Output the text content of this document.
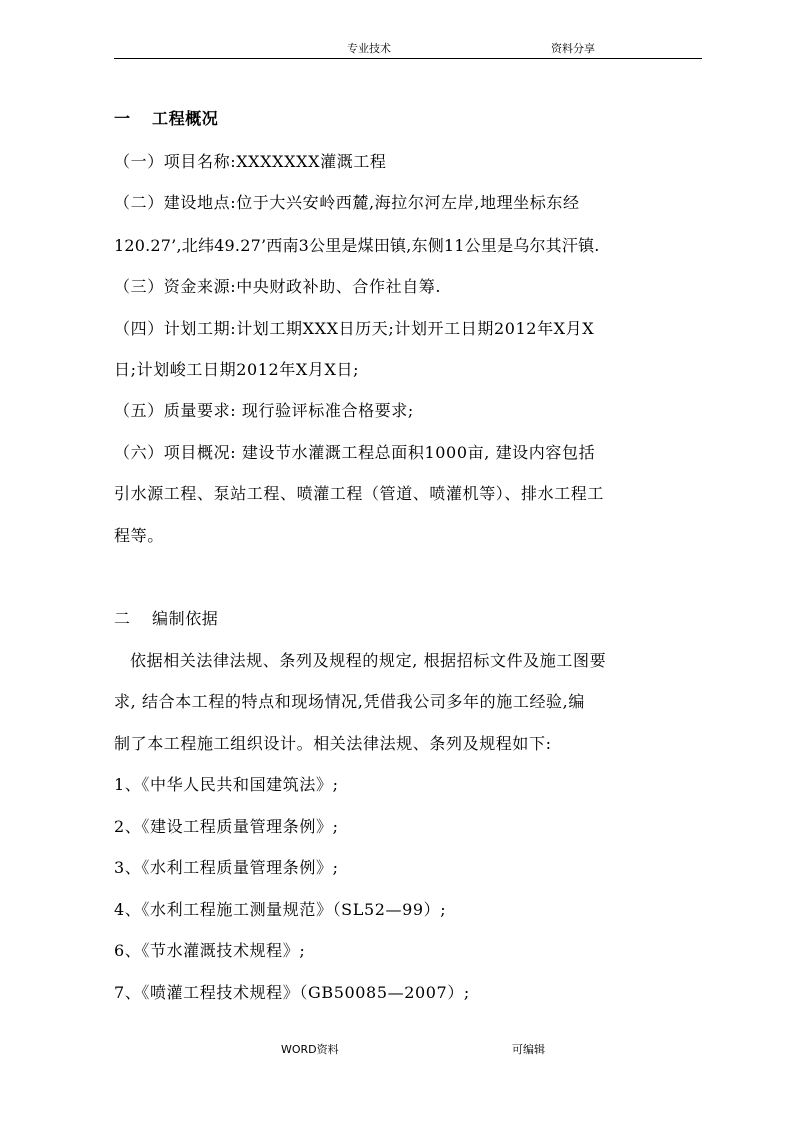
专业技术	资料分享
一 工程概况
（一）项目名称:XXXXXXX灌溉工程
（二）建设地点:位于大兴安岭西麓,海拉尔河左岸,地理坐标东经
120.27’,北纬49.27’西南3公里是煤田镇,东侧11公里是乌尔其汗镇.
（三）资金来源:中央财政补助、合作社自筹.
（四）计划工期:计划工期XXX日历天;计划开工日期2012年X月X
日;计划峻工日期2012年X月X日;
（五）质量要求: 现行验评标准合格要求;
（六）项目概况: 建设节水灌溉工程总面积1000亩, 建设内容包括
引水源工程、泵站工程、喷灌工程（管道、喷灌机等）、排水工程工
程等。
二 编制依据
依据相关法律法规、条列及规程的规定, 根据招标文件及施工图要
求, 结合本工程的特点和现场情况,凭借我公司多年的施工经验,编
制了本工程施工组织设计。相关法律法规、条列及规程如下:
1、《中华人民共和国建筑法》;
2、《建设工程质量管理条例》;
3、《水利工程质量管理条例》;
4、《水利工程施工测量规范》（SL52—99）;
6、《节水灌溉技术规程》;
7、《喷灌工程技术规程》（GB50085—2007）;
WORD资料	可编辑
